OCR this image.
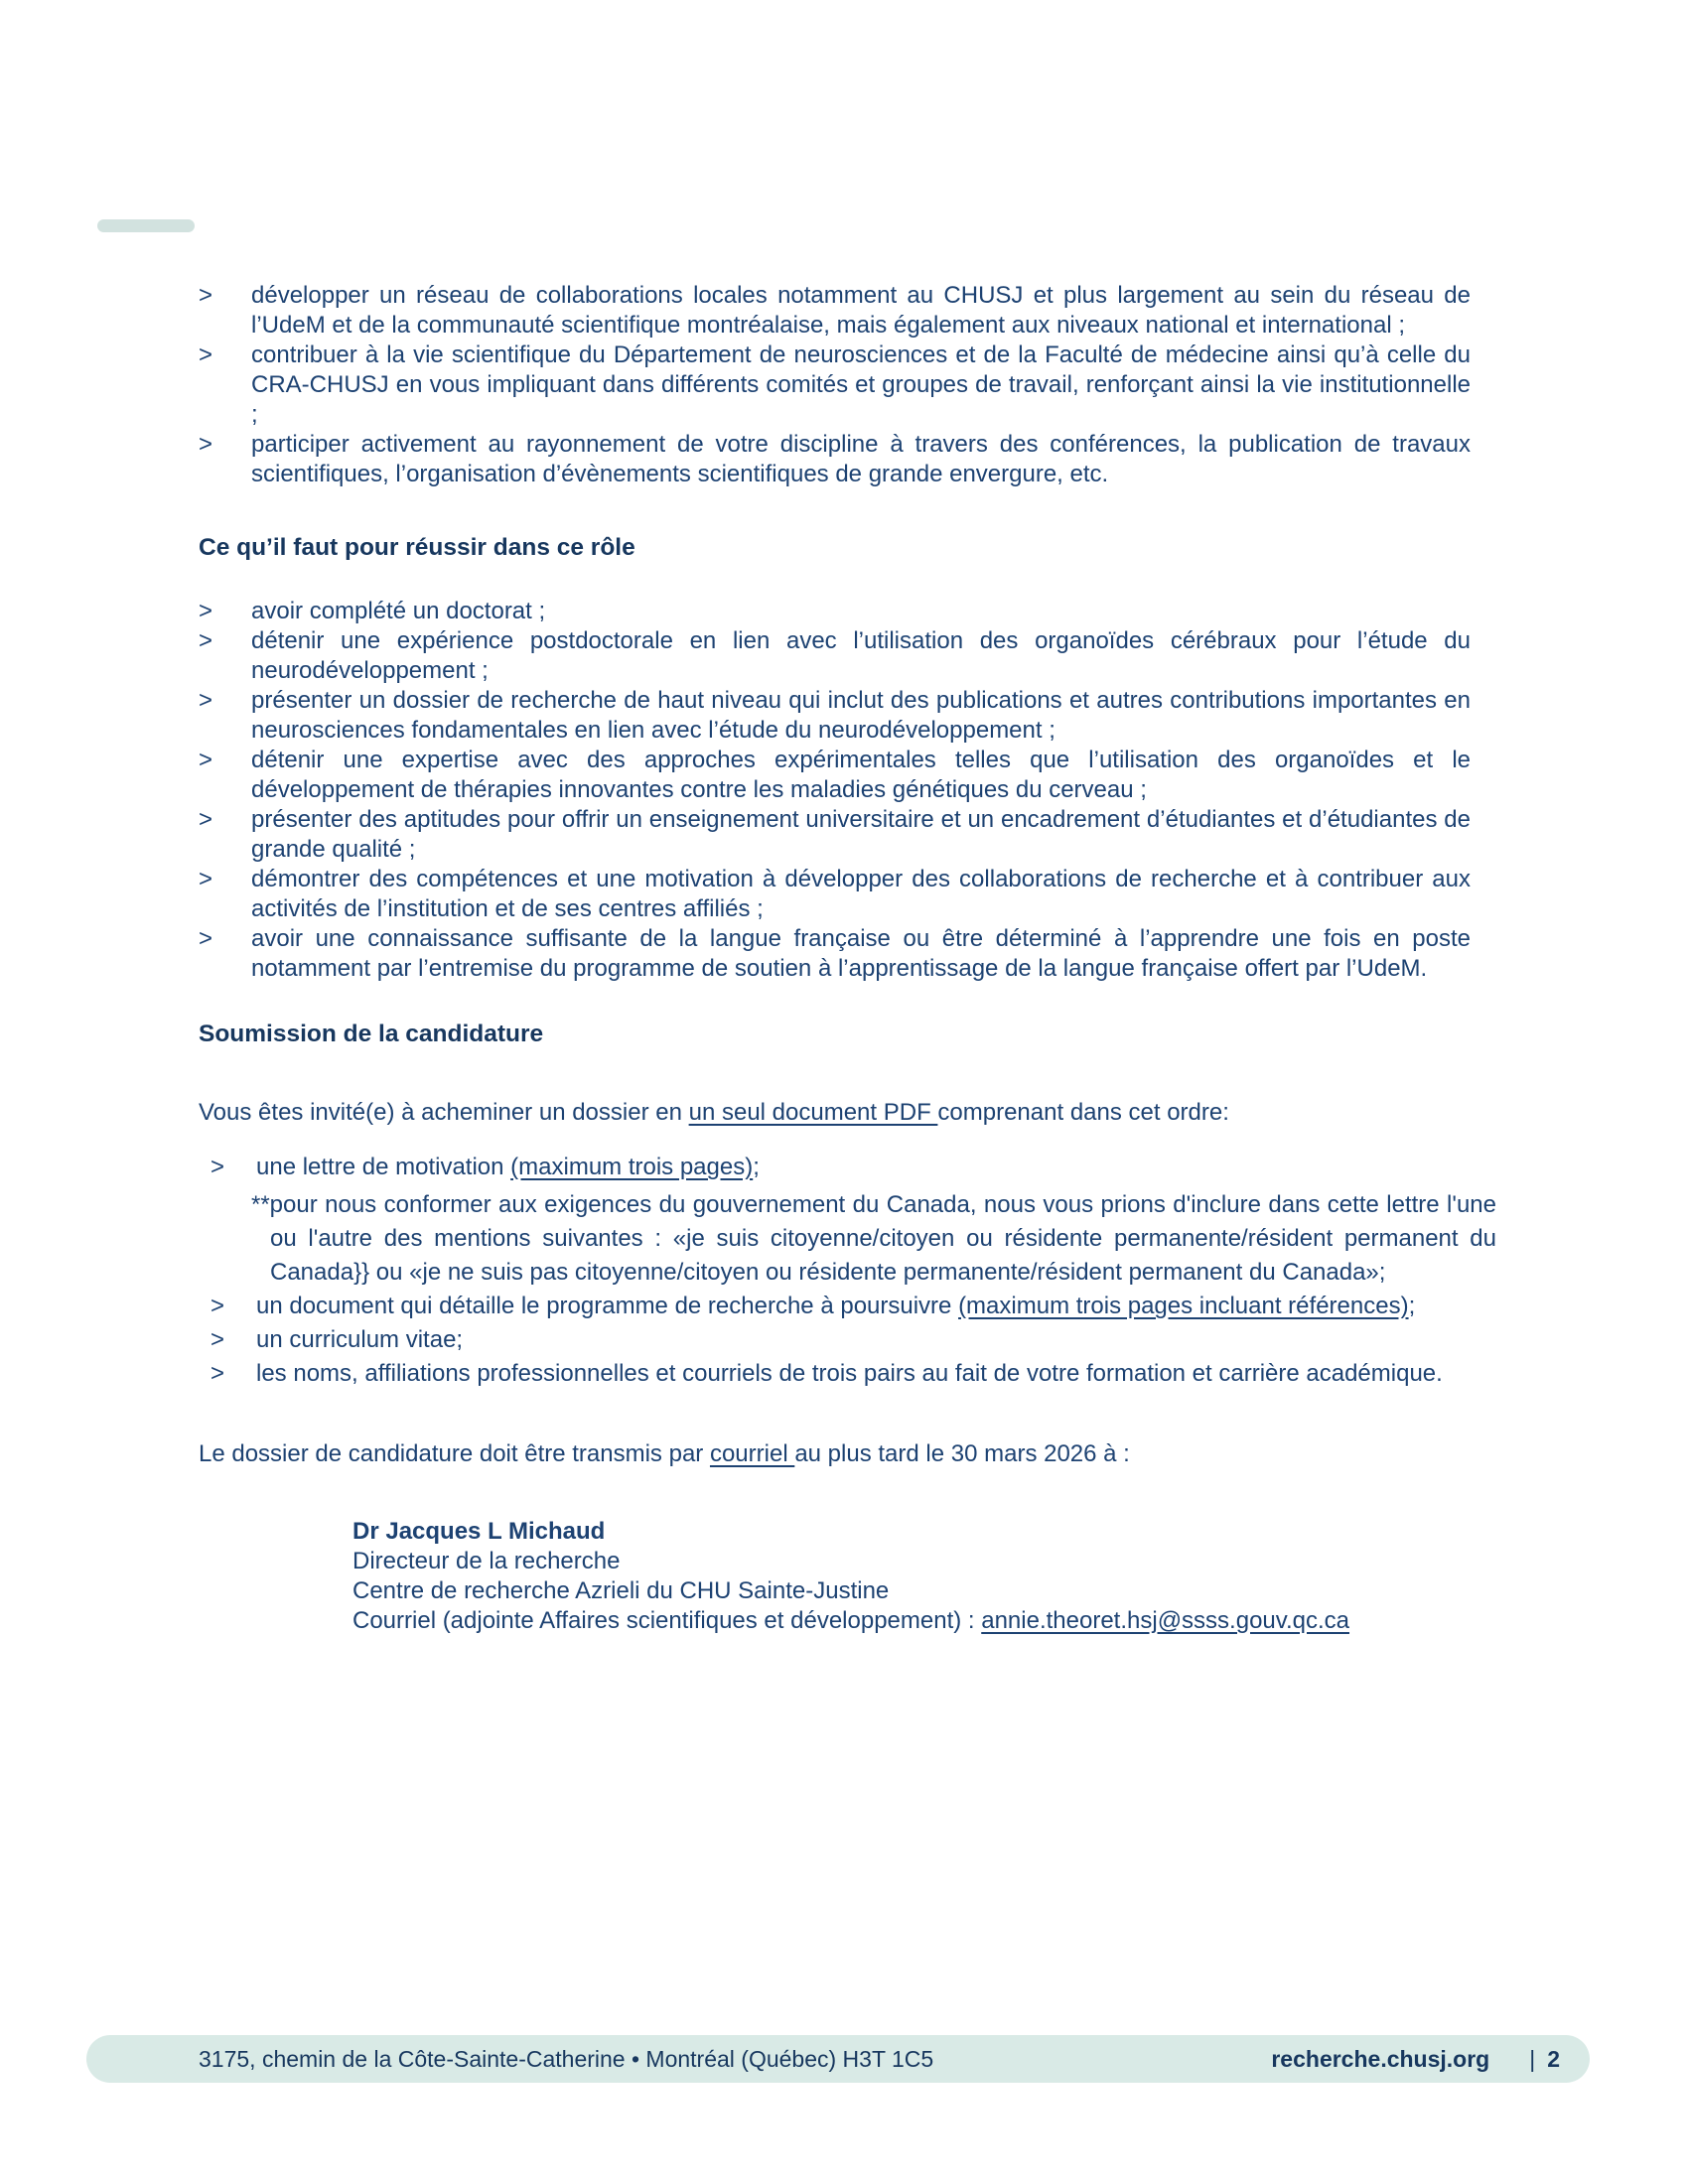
> développer un réseau de collaborations locales notamment au CHUSJ et plus largement au sein du réseau de l’UdeM et de la communauté scientifique montréalaise, mais également aux niveaux national et international ;
> contribuer à la vie scientifique du Département de neurosciences et de la Faculté de médecine ainsi qu’à celle du CRA-CHUSJ en vous impliquant dans différents comités et groupes de travail, renforçant ainsi la vie institutionnelle ;
> participer activement au rayonnement de votre discipline à travers des conférences, la publication de travaux scientifiques, l’organisation d’évènements scientifiques de grande envergure, etc.
Ce qu’il faut pour réussir dans ce rôle
> avoir complété un doctorat ;
> détenir une expérience postdoctorale en lien avec l’utilisation des organoïdes cérébraux pour l’étude du neurodéveloppement ;
> présenter un dossier de recherche de haut niveau qui inclut des publications et autres contributions importantes en neurosciences fondamentales en lien avec l’étude du neurodéveloppement ;
> détenir une expertise avec des approches expérimentales telles que l’utilisation des organoïdes et le développement de thérapies innovantes contre les maladies génétiques du cerveau ;
> présenter des aptitudes pour offrir un enseignement universitaire et un encadrement d’étudiantes et d’étudiantes de grande qualité ;
> démontrer des compétences et une motivation à développer des collaborations de recherche et à contribuer aux activités de l’institution et de ses centres affiliés ;
> avoir une connaissance suffisante de la langue française ou être déterminé à l’apprendre une fois en poste notamment par l’entremise du programme de soutien à l’apprentissage de la langue française offert par l’UdeM.
Soumission de la candidature

Vous êtes invité(e) à acheminer un dossier en un seul document PDF comprenant dans cet ordre:

> une lettre de motivation (maximum trois pages);
**pour nous conformer aux exigences du gouvernement du Canada, nous vous prions d'inclure dans cette lettre l'une ou l'autre des mentions suivantes : «je suis citoyenne/citoyen ou résidente permanente/résident permanent du Canada}} ou «je ne suis pas citoyenne/citoyen ou résidente permanente/résident permanent du Canada»;
> un document qui détaille le programme de recherche à poursuivre (maximum trois pages incluant références);
> un curriculum vitae;
> les noms, affiliations professionnelles et courriels de trois pairs au fait de votre formation et carrière académique.

Le dossier de candidature doit être transmis par courriel au plus tard le 30 mars 2026 à :

Dr Jacques L Michaud
Directeur de la recherche
Centre de recherche Azrieli du CHU Sainte-Justine
Courriel (adjointe Affaires scientifiques et développement) : annie.theoret.hsj@ssss.gouv.qc.ca
3175, chemin de la Côte-Sainte-Catherine • Montréal (Québec) H3T 1C5	recherche.chusj.org | 2
